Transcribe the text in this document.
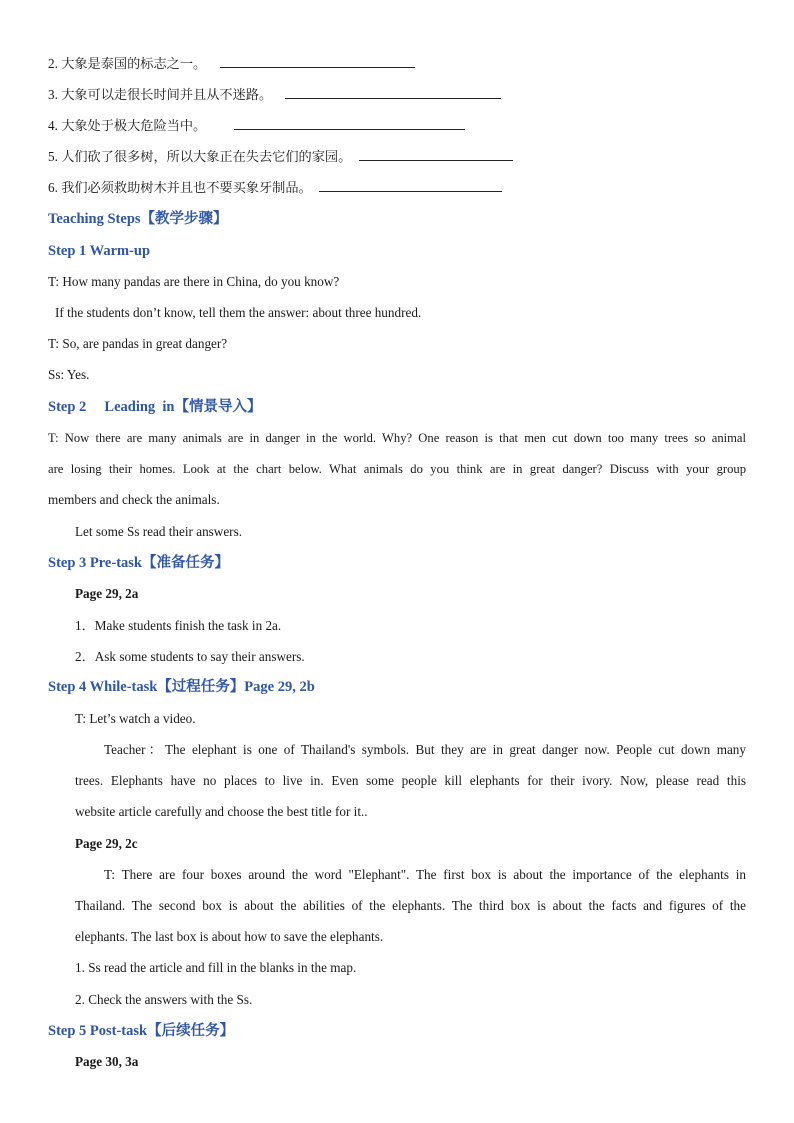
2. 大象是泰国的标志之一。
3. 大象可以走很长时间并且从不迷路。
4. 大象处于极大危险当中。
5. 人们砍了很多树，所以大象正在失去它们的家园。
6. 我们必须救助树木并且也不要买象牙制品。
Teaching Steps【教学步骤】
Step 1 Warm-up
T: How many pandas are there in China, do you know?
If the students don’t know, tell them the answer: about three hundred.
T: So, are pandas in great danger?
Ss: Yes.
Step 2     Leading  in【情景导入】
T: Now there are many animals are in danger in the world. Why? One reason is that men cut down too many trees so animal
are losing their homes. Look at the chart below. What animals do you think are in great danger? Discuss with your group
members and check the animals.
Let some Ss read their answers.
Step 3 Pre-task【准备任务】
Page 29, 2a
1．Make students finish the task in 2a.
2．Ask some students to say their answers.
Step 4 While-task【过程任务】Page 29, 2b
T: Let’s watch a video.
Teacher：The elephant is one of Thailand's symbols. But they are in great danger now. People cut down many
trees. Elephants have no places to live in. Even some people kill elephants for their ivory. Now, please read this
website article carefully and choose the best title for it..
Page 29, 2c
T: There are four boxes around the word "Elephant". The first box is about the importance of the elephants in
Thailand. The second box is about the abilities of the elephants. The third box is about the facts and figures of the
elephants. The last box is about how to save the elephants.
1. Ss read the article and fill in the blanks in the map.
2. Check the answers with the Ss.
Step 5 Post-task【后续任务】
Page 30, 3a
